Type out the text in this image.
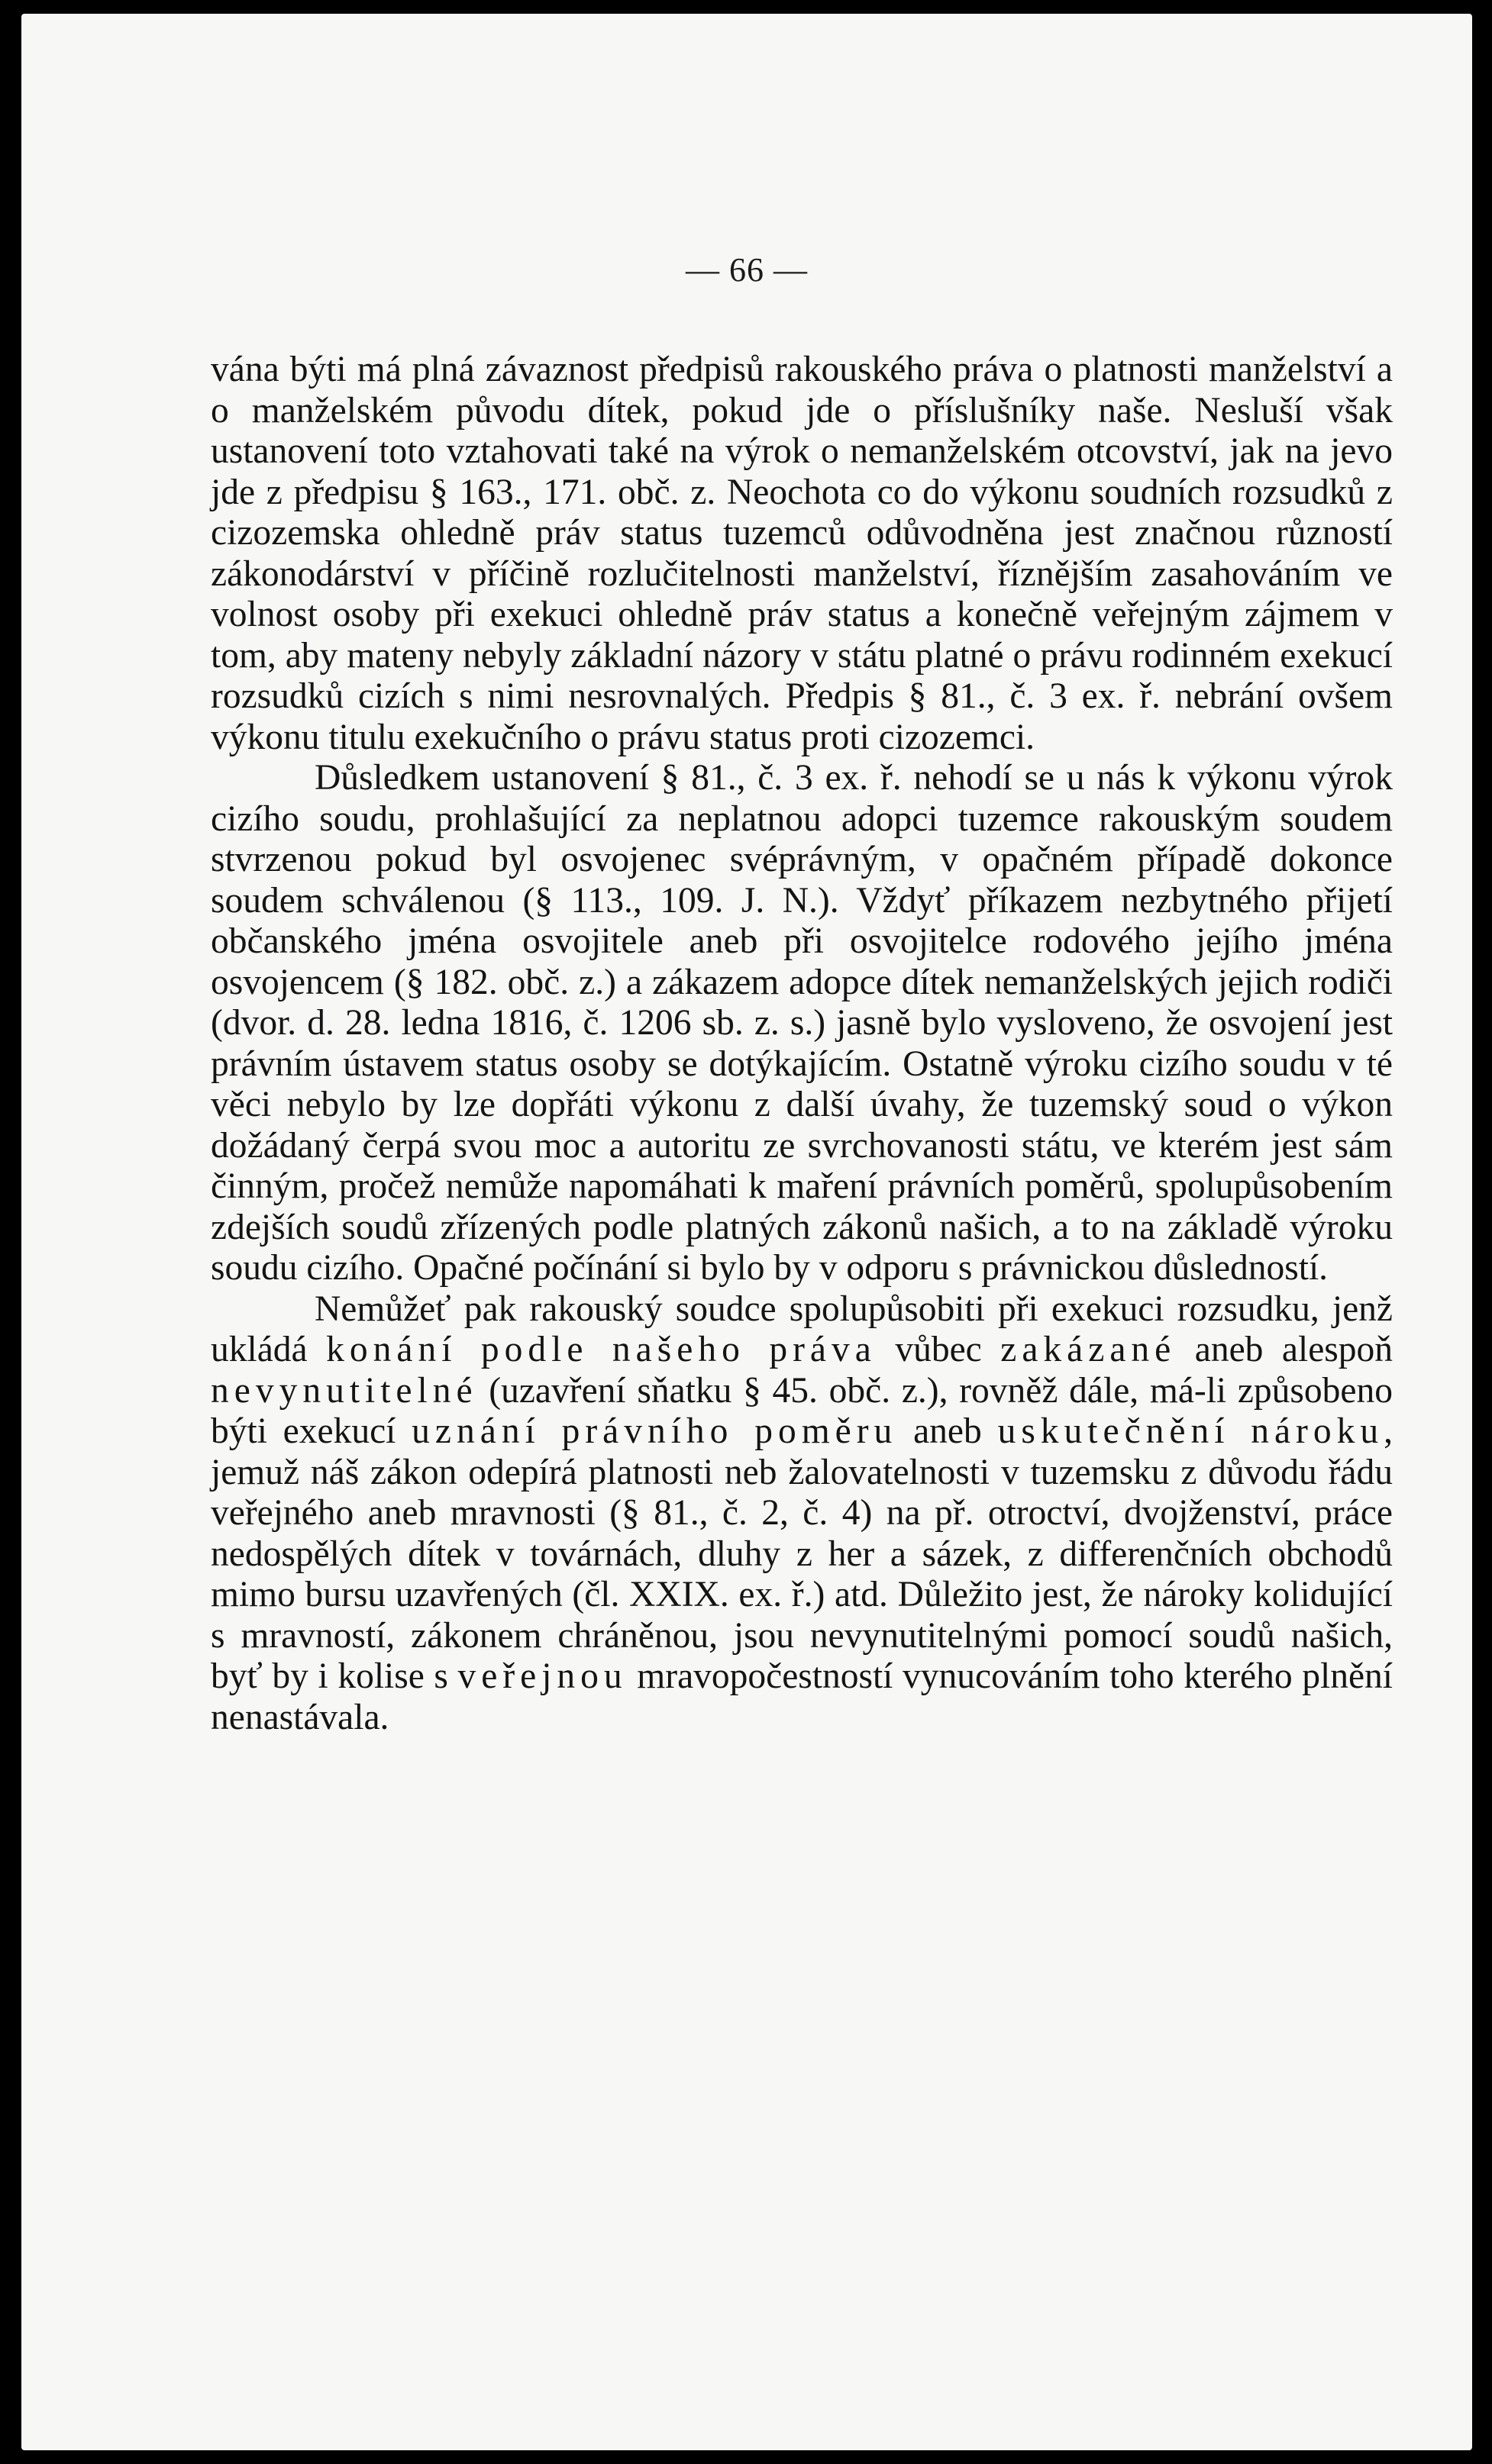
— 66 —

vána býti má plná závaznost předpisů rakouského práva o platnosti manželství a o manželském původu dítek, pokud jde o příslušníky naše. Nesluší však ustanovení toto vztahovati také na výrok o nemanželském otcovství, jak na jevo jde z předpisu § 163., 171. obč. z. Neochota co do výkonu soudních rozsudků z cizozemska ohledně práv status tuzemců odůvodněna jest značnou růzností zákonodárství v příčině rozlučitelnosti manželství, říznějším zasahováním ve volnost osoby při exekuci ohledně práv status a konečně veřejným zájmem v tom, aby mateny nebyly základní názory v státu platné o právu rodinném exekucí rozsudků cizích s nimi nesrovnalých. Předpis § 81., č. 3 ex. ř. nebrání ovšem výkonu titulu exekučního o právu status proti cizozemci.

Důsledkem ustanovení § 81., č. 3 ex. ř. nehodí se u nás k výkonu výrok cizího soudu, prohlašující za neplatnou adopci tuzemce rakouským soudem stvrzenou pokud byl osvojenec svéprávným, v opačném případě dokonce soudem schválenou (§ 113., 109. J. N.). Vždyť příkazem nezbytného přijetí občanského jména osvojitele aneb při osvojitelce rodového jejího jména osvojencem (§ 182. obč. z.) a zákazem adopce dítek nemanželských jejich rodiči (dvor. d. 28. ledna 1816, č. 1206 sb. z. s.) jasně bylo vysloveno, že osvojení jest právním ústavem status osoby se dotýkajícím. Ostatně výroku cizího soudu v té věci nebylo by lze dopřáti výkonu z další úvahy, že tuzemský soud o výkon dožádaný čerpá svou moc a autoritu ze svrchovanosti státu, ve kterém jest sám činným, pročež nemůže napomáhati k maření právních poměrů, spolupůsobením zdejších soudů zřízených podle platných zákonů našich, a to na základě výroku soudu cizího. Opačné počínání si bylo by v odporu s právnickou důsledností.

Nemůžeť pak rakouský soudce spolupůsobiti při exekuci rozsudku, jenž ukládá konání podle našeho práva vůbec zakázané aneb alespoň nevynutitelné (uzavření sňatku § 45. obč. z.), rovněž dále, má-li způsobeno býti exekucí uznání právního poměru aneb uskutečnění nároku, jemuž náš zákon odepírá platnosti neb žalovatelnosti v tuzemsku z důvodu řádu veřejného aneb mravnosti (§ 81., č. 2, č. 4) na př. otroctví, dvojženství, práce nedospělých dítek v továrnách, dluhy z her a sázek, z differenčních obchodů mimo bursu uzavřených (čl. XXIX. ex. ř.) atd. Důležito jest, že nároky kolidující s mravností, zákonem chráněnou, jsou nevynutitelnými pomocí soudů našich, byť by i kolise s veřejnou mravopočestností vynucováním toho kterého plnění nenastávala.
